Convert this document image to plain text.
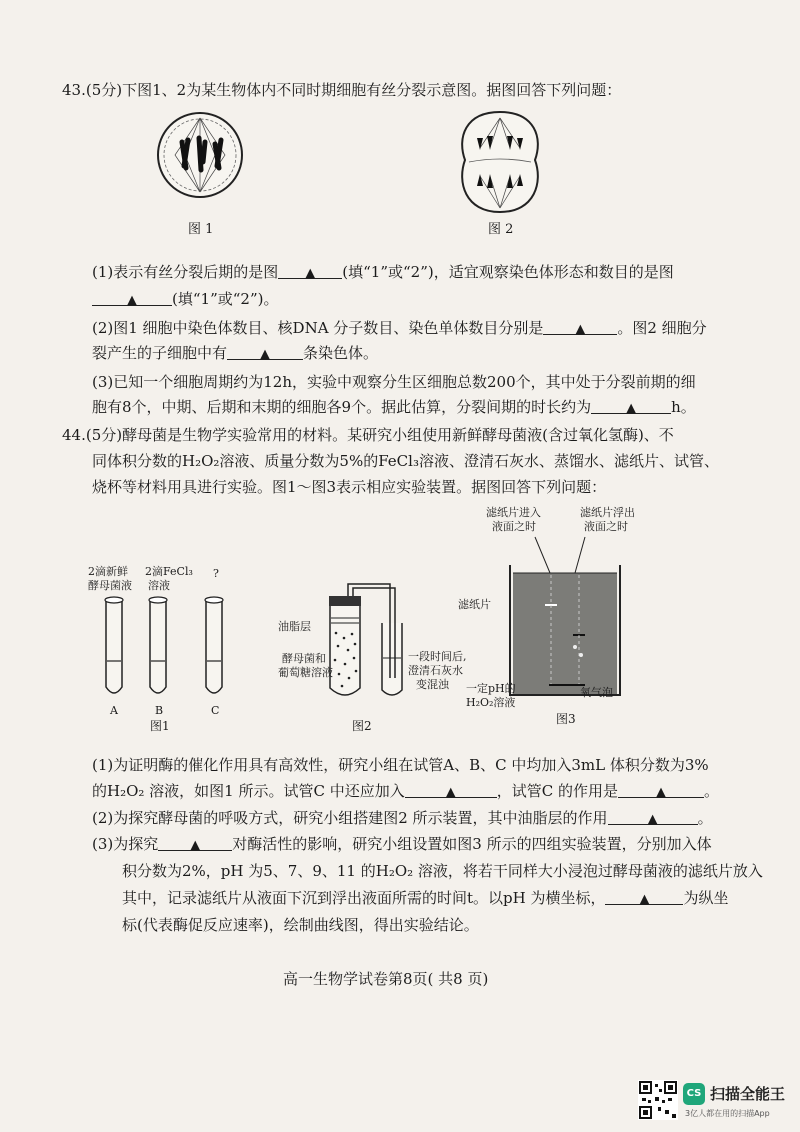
43.(5分)下图1、2为某生物体内不同时期细胞有丝分裂示意图。据图回答下列问题：
图 1	图 2
(1)表示有丝分裂后期的是图 ▲ (填“1”或“2”)，适宜观察染色体形态和数目的是图
▲ (填“1”或“2”)。
(2)图1 细胞中染色体数目、核DNA 分子数目、染色单体数目分别是 ▲ 。图2 细胞分
裂产生的子细胞中有	▲ 条染色体。
(3)已知一个细胞周期约为12h，实验中观察分生区细胞总数200个，其中处于分裂前期的细
胞有8个，中期、后期和末期的细胞各9个。据此估算，分裂间期的时长约为	▲ h。
44.(5分)酵母菌是生物学实验常用的材料。某研究小组使用新鲜酵母菌液(含过氧化氢酶)、不
同体积分数的H₂O₂溶液、质量分数为5%的FeCl₃溶液、澄清石灰水、蒸馏水、滤纸片、试管、
烧杯等材料用具进行实验。图1～图3表示相应实验装置。据图回答下列问题：
2滴新鲜
酵母菌液
2滴FeCl₃
溶液
?
A	B	C
图1
油脂层
酵母菌和
葡萄糖溶液
一段时间后,
澄清石灰水
变混浊
图2
滤纸片进入
液面之时
滤纸片浮出
液面之时
滤纸片
一定pH的
H₂O₂溶液
氧气泡
图3
(1)为证明酶的催化作用具有高效性，研究小组在试管A、B、C 中均加入3mL 体积分数为3%
的H₂O₂ 溶液，如图1 所示。试管C 中还应加入	▲	，试管C 的作用是	▲	。
(2)为探究酵母菌的呼吸方式，研究小组搭建图2 所示装置，其中油脂层的作用	▲	。
(3)为探究 ▲ 对酶活性的影响，研究小组设置如图3 所示的四组实验装置，分别加入体
积分数为2%，pH 为5、7、9、11 的H₂O₂ 溶液，将若干同样大小浸泡过酵母菌液的滤纸片放入
其中，记录滤纸片从液面下沉到浮出液面所需的时间t。以pH 为横坐标，	▲ 为纵坐
标(代表酶促反应速率)，绘制曲线图，得出实验结论。
高一生物学试卷第8页( 共8 页)
CS 扫描全能王
3亿人都在用的扫描App
